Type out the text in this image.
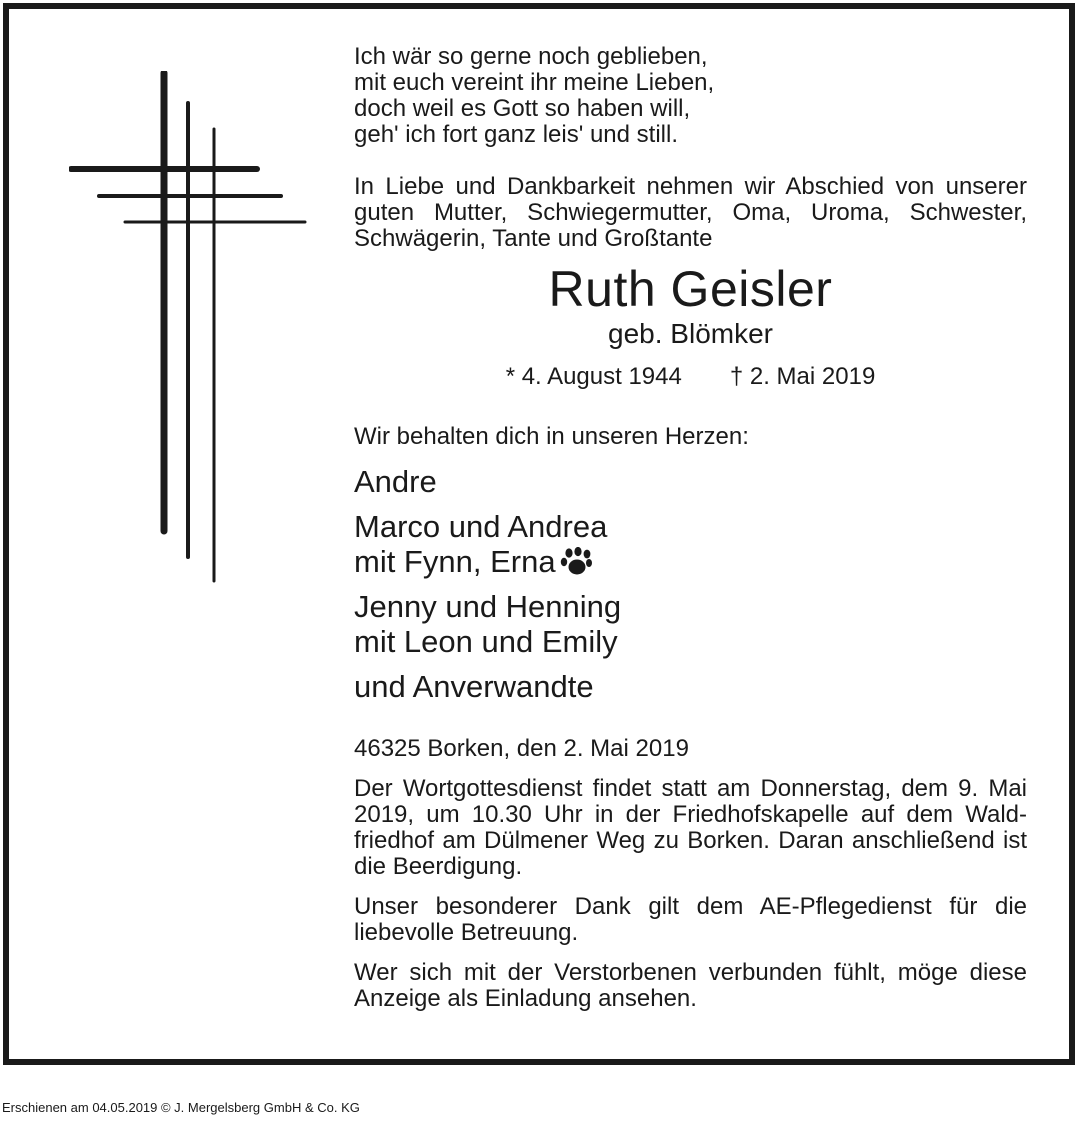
Ich wär so gerne noch geblieben,

mit euch vereint ihr meine Lieben,

doch weil es Gott so haben will,

geh' ich fort ganz leis' und still.

In Liebe und Dankbarkeit nehmen wir Abschied von unserer guten Mutter, Schwiegermutter, Oma, Uroma, Schwester, Schwägerin, Tante und Großtante

Ruth Geisler

geb. Blömker

* 4. August 1944 † 2. Mai 2019

Wir behalten dich in unseren Herzen:

Andre

Marco und Andrea

mit Fynn, Erna

Jenny und Henning

mit Leon und Emily

und Anverwandte

46325 Borken, den 2. Mai 2019

Der Wortgottesdienst findet statt am Donnerstag, dem 9. Mai 2019, um 10.30 Uhr in der Friedhofskapelle auf dem Wald-friedhof am Dülmener Weg zu Borken. Daran anschließend ist die Beerdigung.

Unser besonderer Dank gilt dem AE-Pflegedienst für die liebevolle Betreuung.

Wer sich mit der Verstorbenen verbunden fühlt, möge diese Anzeige als Einladung ansehen.

Erschienen am 04.05.2019 © J. Mergelsberg GmbH & Co. KG
